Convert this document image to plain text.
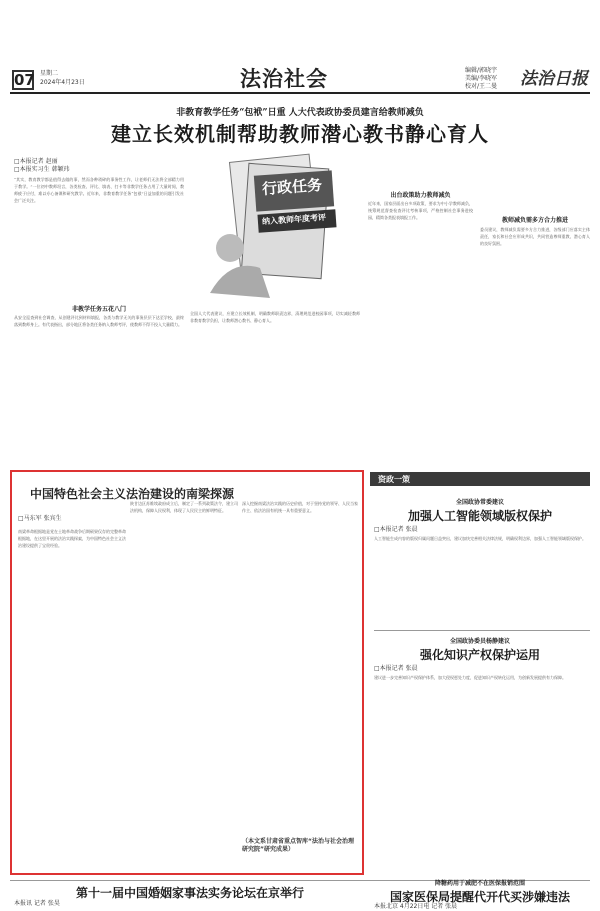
07 星期二
2024年4月23日	法治社会	编辑/郭晓宇
美编/李晓军
校对/王二曼 法治日报
非教育教学任务“包袱”日重 人大代表政协委员建言给教师减负
建立长效机制帮助教师潜心教书静心育人
□本报记者 赵丽
□本报实习生 韩颖玮
行政任务
纳入教师年度考评
“其实，教育教学都是值得去做的事，然而各种琐碎的事务性工作，让老师们无法将全部精力用于教学。”一位初中教师坦言，各类检查、评比、填表、打卡等非教学任务占用了大量时间，教师疲于应付，难以专心备课和研究教学。近年来，非教育教学任务“包袱”日益加重的问题引发社会广泛关注。
非教学任务五花八门
从安全巡查到社会调查，从创建评比到材料填报，各类与教学无关的事务层层下达至学校，最终落到教师身上。有代表指出，部分地区将各类任务纳入教师考评，使教师不得不投入大量精力。
全国人大代表建议，应建立长效机制，明确教师职责边界，清理规范进校园事项，切实减轻教师非教育教学负担，让教师潜心教书、静心育人。
出台政策助力教师减负
近年来，国家层面出台多项政策，要求为中小学教师减负，统筹规范督查检查评比考核事项，严格控制社会事务进校园，精简各类报表填报工作。	教师减负需多方合力推进
委员建议，教师减负需要多方合力推进，各级部门应落实主体责任，家长和社会应形成共识，共同营造尊师重教、潜心育人的良好氛围。
中国特色社会主义法治建设的南梁探源
□马东军 张宾生
南梁革命根据地是党在土地革命战争后期硕果仅存的完整革命根据地，在这里开展的法治实践探索，为中国特色社会主义法治建设提供了宝贵经验。
陕甘边区苏维埃政府成立后，制定了一系列政策法令，建立司法机构，保障人民权利，体现了人民民主的鲜明特征。
深入挖掘南梁法治实践的历史价值，对于坚持党的领导、人民当家作主、依法治国有机统一具有重要意义。
（本文系甘肃省重点智库“法治与社会治理研究院”研究成果）
资政一策
全国政协常委建议
加强人工智能领域版权保护
□本报记者 张晨
人工智能生成内容的版权归属问题日益突出，建议加快完善相关法律法规，明确权利边界，加强人工智能领域版权保护。
全国政协委员杨静建议
强化知识产权保护运用
□本报记者 张晨
建议进一步完善知识产权保护体系，加大侵权惩处力度，促进知识产权转化运用，为创新发展提供有力保障。
第十一届中国婚姻家事法实务论坛在京举行
本报讯 记者 张昊
降糖药用于减肥不在医保报销范围
国家医保局提醒代开代买涉嫌违法
本报北京 4月22日电 记者 张晨
